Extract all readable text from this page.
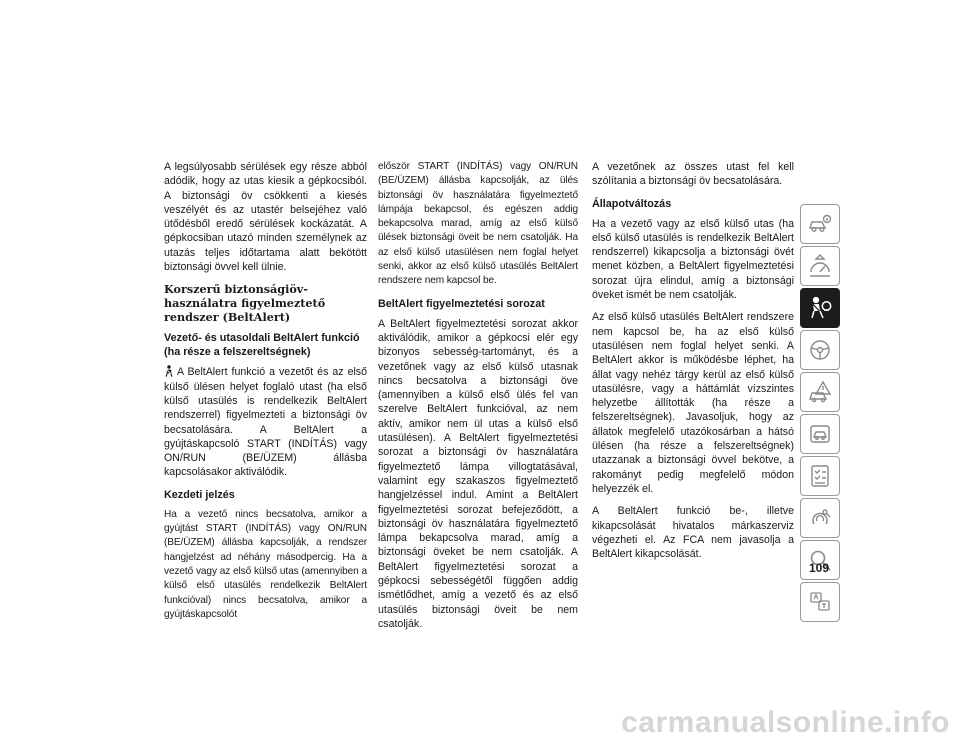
A legsúlyosabb sérülések egy része abból adódik, hogy az utas kiesik a gépkocsiból. A biztonsági öv csökkenti a kiesés veszélyét és az utastér belsejéhez való ütődésből eredő sérülések kockázatát. A gépkocsiban utazó minden személynek az utazás teljes időtartama alatt bekötött biztonsági övvel kell ülnie.

Korszerű biztonságiöv-használatra figyelmeztető rendszer (BeltAlert)
Vezető- és utasoldali BeltAlert funkció (ha része a felszereltségnek)

A BeltAlert funkció a vezetőt és az első külső ülésen helyet foglaló utast (ha első külső utasülés is rendelkezik BeltAlert rendszerrel) figyelmezteti a biztonsági öv becsatolására. A BeltAlert a gyújtáskapcsoló START (INDÍTÁS) vagy ON/RUN (BE/ÜZEM) állásba kapcsolásakor aktiválódik.

Kezdeti jelzés

Ha a vezető nincs becsatolva, amikor a gyújtást START (INDÍTÁS) vagy ON/RUN (BE/ÜZEM) állásba kapcsolják, a rendszer hangjelzést ad néhány másodpercig. Ha a vezető vagy az első külső utas (amennyiben a külső első utasülés rendelkezik BeltAlert funkcióval) nincs becsatolva, amikor a gyújtáskapcsolót

először START (INDÍTÁS) vagy ON/RUN (BE/ÜZEM) állásba kapcsolják, az ülés biztonsági öv használatára figyelmeztető lámpája bekapcsol, és egészen addig bekapcsolva marad, amíg az első külső ülések biztonsági öveit be nem csatolják. Ha az első külső utasülésen nem foglal helyet senki, akkor az első külső utasülés BeltAlert rendszere nem kapcsol be.

BeltAlert figyelmeztetési sorozat

A BeltAlert figyelmeztetési sorozat akkor aktiválódik, amikor a gépkocsi elér egy bizonyos sebesség-tartományt, és a vezetőnek vagy az első külső utasnak nincs becsatolva a biztonsági öve (amennyiben a külső első ülés fel van szerelve BeltAlert funkcióval, az nem aktív, amikor nem ül utas a külső első utasülésen). A BeltAlert figyelmeztetési sorozat a biztonsági öv használatára figyelmeztető lámpa villogtatásával, valamint egy szakaszos figyelmeztető hangjelzéssel indul. Amint a BeltAlert figyelmeztetési sorozat befejeződött, a biztonsági öv használatára figyelmeztető lámpa bekapcsolva marad, amíg a biztonsági öveket be nem csatolják. A BeltAlert figyelmeztetési sorozat a gépkocsi sebességétől függően addig ismétlődhet, amíg a vezető és az első utasülés biztonsági öveit be nem csatolják.

A vezetőnek az összes utast fel kell szólítania a biztonsági öv becsatolására.

Állapotváltozás

Ha a vezető vagy az első külső utas (ha első külső utasülés is rendelkezik BeltAlert rendszerrel) kikapcsolja a biztonsági övét menet közben, a BeltAlert figyelmeztetési sorozat újra elindul, amíg a biztonsági öveket ismét be nem csatolják.

Az első külső utasülés BeltAlert rendszere nem kapcsol be, ha az első külső utasülésen nem foglal helyet senki. A BeltAlert akkor is működésbe léphet, ha állat vagy nehéz tárgy kerül az első külső utasülésre, vagy a háttámlát vízszintes helyzetbe állították (ha része a felszereltségnek). Javasoljuk, hogy az állatok megfelelő utazókosárban a hátsó ülésen (ha része a felszereltségnek) utazzanak a biztonsági övvel bekötve, a rakományt pedig megfelelő módon helyezzék el.

A BeltAlert funkció be-, illetve kikapcsolását hivatalos márkaszerviz végezheti el. Az FCA nem javasolja a BeltAlert kikapcsolását.

109
carmanualsonline.info
